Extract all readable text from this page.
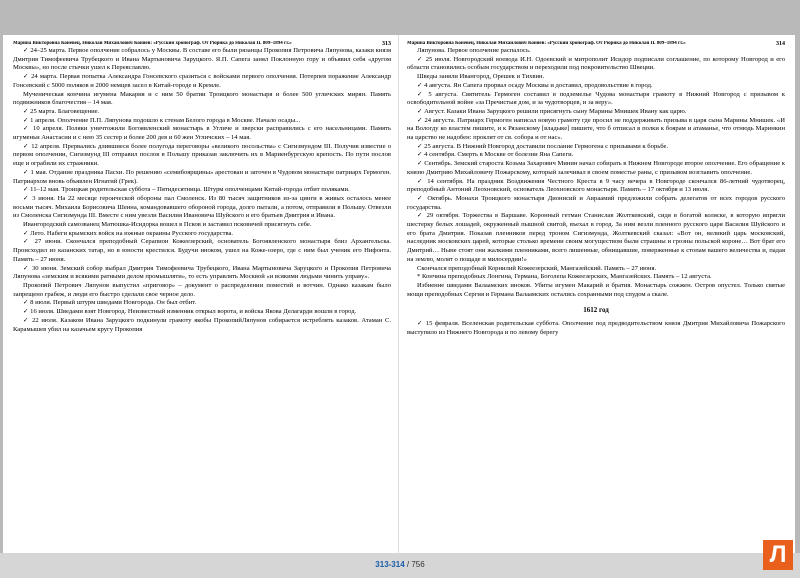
Марина Викторовна Коневец, Николай Михайлович Коняев: «Русский хронограф. От Рюрика до Николая II. 809–1894 гг.»	313

✓ 24–25 марта. Первое ополчение собралось у Москвы. В составе его были рязанцы Прокопия Петровича Ляпунова, казаки князя Дмитрия Тимофеевича Трубецкого и Ивана Мартыновича Заруцкого. Я.П. Сапега занял Поклонную гору и объявил себя «другом Москвы», но после стычки ушел к Переяславлю.

✓ 24 марта. Первая попытка Александра Гонсевского сразиться с войсками первого ополчения. Потерпев поражение Александр Гонсевский с 5000 поляков и 2000 немцев засел в Китай-городе и Кремле.

Мученическая кончина игумена Макария и с ним 50 братии Троицкого монастыря и более 500 угличских мирян. Память подвижников благочестия – 14 мая.

✓ 25 марта. Благовещение.

✓ 1 апреля. Ополчение П.П. Ляпунова подошло к стенам Белого города в Москве. Начало осады...

✓ 10 апреля. Поляки уничтожили Богоявленский монастырь в Угличе и зверски расправились с его насельницами. Память игуменьи Анастасии и с нею 35 сестер и более 200 дев и 60 жен Угличских – 14 мая.

✓ 12 апреля. Прервались длившиеся более полугода переговоры «великого посольства» с Сигизмундом III. Получив известие о первом ополчении, Сигизмунд III отправил послов в Польшу приказав заключить их в Мариенбургскую крепость. По пути послов еще и ограбили их стражники.

✓ 1 мая. Отдание праздника Пасхи. По решению «семибоярщины» арестован и заточен в Чудовом монастыре патриарх Гермоген. Патриархом вновь объявлен Игнатий (Грек).

✓ 11–12 мая. Троицкая родительская суббота – Пятидесятница. Штурм ополченцами Китай-города отбит поляками.

✓ 3 июня. На 22 месяце героической обороны пал Смоленск. Из 80 тысяч защитников из-за цинги в живых осталось менее восьми тысяч. Михаила Борисовича Шеина, командовавшего обороной города, долго пытали, а потом, отправили в Польшу. Отвезли из Смоленска Сигизмунда III. Вместе с ним увезли Василия Ивановича Шуйского и его братьев Дмитрия и Ивана.

Ивангородский самозванец Матюшка-Исидорка вошел в Псков и заставил псковичей присягнуть себе.

✓ Лето. Набеги крымских войск на южные окраины Русского государства.

✓ 27 июня. Скончался преподобный Серапион Кожеезерский, основатель Богоявленского монастыря близ Архангельска. Происходил из казанских татар, но в юности крестился. Будучи иноком, ушел на Коже-озеро, где с ним был ученик его Нифонта. Память – 27 июня.

✓ 30 июня. Земский собор выбрал Дмитрия Тимофеевича Трубецкого, Ивана Мартыновича Заруцкого и Прокопия Петровича Ляпунова «земским и всякими ратными делом промышляти», то есть управлять Москвой «и всякими людьми чинить управу».

Прокопий Петрович Ляпунов выпустил «приговор» – документ о распределении поместий и вотчин. Однако казакам было запрещено грабеж, и люди его быстро сделали свое черное дело.

✓ 8 июля. Первый штурм шведами Новгорода. Он был отбит.

✓ 16 июля. Шведами взят Новгород. Неизвестный изменник открыл ворота, и войска Якова Делагарди вошли в город.

✓ 22 июля. Казаком Ивана Заруцкого подкинули грамоту якобы ПрокопийЛяпунов собирается истреблять казаков. Атаман С. Карамышев убил на казачьем кругу Прокопия

Марина Викторовна Коневец, Николай Михайлович Коняев: «Русский хронограф. От Рюрика до Николая II. 809–1894 гг.»	314

Ляпунова. Первое ополчение распалось.

✓ 25 июля. Новгородский воевода И.Н. Одоевский и митрополит Исидор подписали соглашение, по которому Новгород и его области становились особым государством и переходили под покровительство Швеции.

Шведы заняли Ивангород, Орешек и Тихвин.

✓ 4 августа. Ян Сапега прорвал осаду Москвы и доставил, продовольствие в город.

✓ 5 августа. Святитель Гермоген составил в подземелье Чудова монастыря грамоту в Нижний Новгород с призывом к освободительной войне «за Пречистыя дом, и за чудотворцев, и за веру».

✓ Август. Казаки Ивана Заруцкого решили присягнуть сыну Марины Мнишек Ивану как царю.

✓ 24 августа. Патриарх Гермоген написал новую грамоту где просил не поддерживать призыва в царя сына Марины Мнишек. «И на Вологду ко властем пишите, и к Рязанскому [владыке] пишите, что б отписал в полки к боярам и атаманье, что отнюдь Маринкин на царство не надобен: проклят от св. собора и от нас».

✓ 25 августа. В Нижний Новгород доставили послание Гермогена с призывами к борьбе.

✓ 4 сентября. Смерть в Москве от болезни Яна Сапеги.

✓ Сентябрь. Земский староста Козьма Захарович Минин начал собирать в Нижнем Новгороде второе ополчение. Его обращение к князю Дмитрию Михайловичу Пожарскому, который залечивал в своем поместье раны, с призывом возглавить ополчение.

✓ 14 сентября. На праздник Воздвижения Честного Креста в 9 часу вечера в Новгороде скончался 86-летний чудотворец, преподобный Антоний Леохновский, основатель Леохновского монастыря. Память – 17 октября и 13 июля.

✓ Октябрь. Монахи Троицкого монастыря Дионисий и Авраамий предложили собрать делегатов от всех городов русского государства.

✓ 29 октября. Торжества в Варшаве. Коронный гетман Станислав Жолткевский, сидя в богатой коляске, в которую впрягли шестерку белых лошадей, окруженный пышной свитой, въехал в город. За ним везли пленного русского царя Василия Шуйского и его брата Дмитрия. Показав пленников перед троном Сигизмунда, Жолткевский сказал: «Вот он, великий царь московский, наследник московских царей, которые столько времени своим могуществом были страшны и грозны польской короне… Вот брат его Дмитрий… Ныне стоят они жалкими пленниками, всего лишенные, обнищавшие, поверженные к стопам вашего величества и, падая на землю, молят о пощаде и милосердии!»

Скончался преподобный Корнилий Кожеезерский, Мангазейский. Память – 27 июня.

* Кончина преподобных Лонгина, Германа, Боголепа Кожеезерских, Мангазейских. Память – 12 августа.

Избиение шведами Валаамских иноков. Убиты игумен Макарий и братия. Монастырь сожжен. Остров опустел. Только святые мощи преподобных Сергия и Германа Валаамских остались сохранными под спудом а скале.

1612 год

✓ 15 февраля. Вселенская родительская суббота. Ополчение под предводительством князя Дмитрия Михайловича Пожарского выступило из Нижнего Новгорода и по левому берегу

313-314 / 756	Л
